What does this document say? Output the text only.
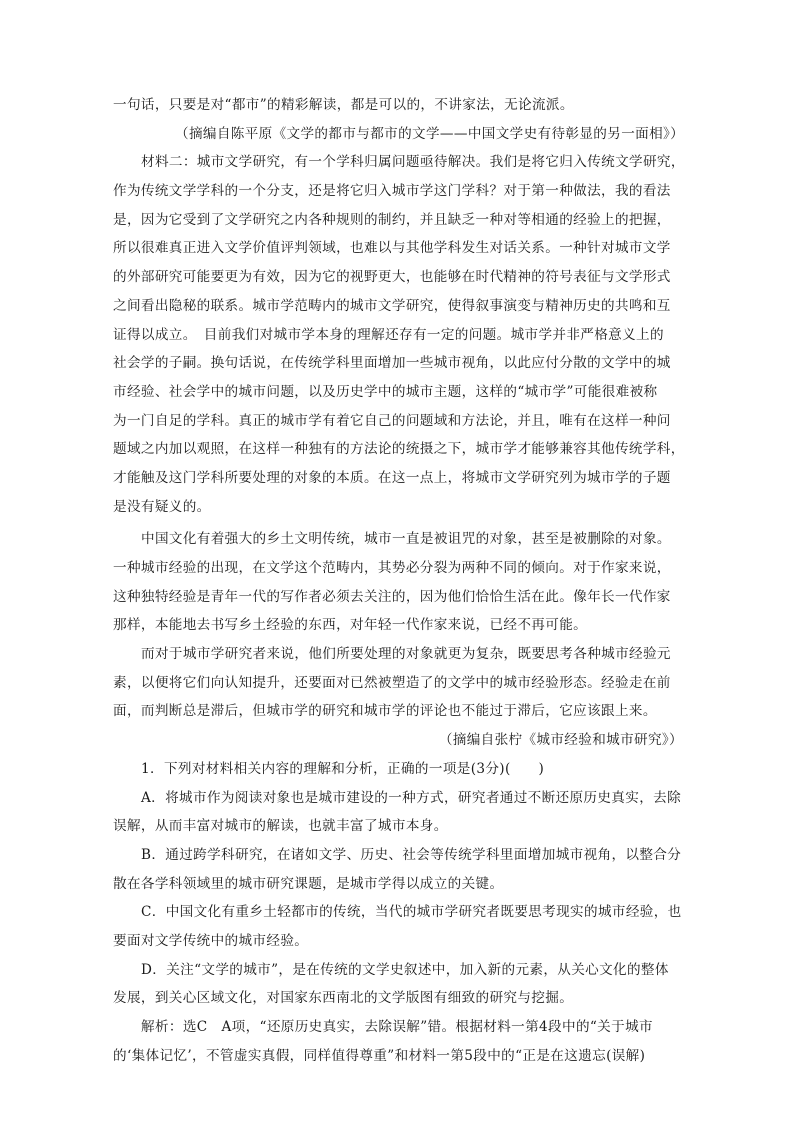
一句话，只要是对“都市”的精彩解读，都是可以的，不讲家法，无论流派。
（摘编自陈平原《文学的都市与都市的文学——中国文学史有待彰显的另一面相》）
材料二：城市文学研究，有一个学科归属问题亟待解决。我们是将它归入传统文学研究，
作为传统文学学科的一个分支，还是将它归入城市学这门学科？对于第一种做法，我的看法
是，因为它受到了文学研究之内各种规则的制约，并且缺乏一种对等相通的经验上的把握，
所以很难真正进入文学价值评判领域，也难以与其他学科发生对话关系。一种针对城市文学
的外部研究可能要更为有效，因为它的视野更大，也能够在时代精神的符号表征与文学形式
之间看出隐秘的联系。城市学范畴内的城市文学研究，使得叙事演变与精神历史的共鸣和互
证得以成立。　目前我们对城市学本身的理解还存有一定的问题。城市学并非严格意义上的
社会学的子嗣。换句话说，在传统学科里面增加一些城市视角，以此应付分散的文学中的城
市经验、社会学中的城市问题，以及历史学中的城市主题，这样的“城市学”可能很难被称
为一门自足的学科。真正的城市学有着它自己的问题域和方法论，并且，唯有在这样一种问
题域之内加以观照，在这样一种独有的方法论的统摄之下，城市学才能够兼容其他传统学科，
才能触及这门学科所要处理的对象的本质。在这一点上，将城市文学研究列为城市学的子题
是没有疑义的。
中国文化有着强大的乡土文明传统，城市一直是被诅咒的对象，甚至是被删除的对象。
一种城市经验的出现，在文学这个范畴内，其势必分裂为两种不同的倾向。对于作家来说，
这种独特经验是青年一代的写作者必须去关注的，因为他们恰恰生活在此。像年长一代作家
那样，本能地去书写乡土经验的东西，对年轻一代作家来说，已经不再可能。
而对于城市学研究者来说，他们所要处理的对象就更为复杂，既要思考各种城市经验元
素，以便将它们向认知提升，还要面对已然被塑造了的文学中的城市经验形态。经验走在前
面，而判断总是滞后，但城市学的研究和城市学的评论也不能过于滞后，它应该跟上来。
（摘编自张柠《城市经验和城市研究》）
1．下列对材料相关内容的理解和分析，正确的一项是(3分)(　　)
A．将城市作为阅读对象也是城市建设的一种方式，研究者通过不断还原历史真实，去除
误解，从而丰富对城市的解读，也就丰富了城市本身。
B．通过跨学科研究，在诸如文学、历史、社会等传统学科里面增加城市视角，以整合分
散在各学科领域里的城市研究课题，是城市学得以成立的关键。
C．中国文化有重乡土轻都市的传统，当代的城市学研究者既要思考现实的城市经验，也
要面对文学传统中的城市经验。
D．关注“文学的城市”，是在传统的文学史叙述中，加入新的元素，从关心文化的整体
发展，到关心区域文化，对国家东西南北的文学版图有细致的研究与挖掘。
解析：选C　A项，“还原历史真实，去除误解”错。根据材料一第4段中的“关于城市
的‘集体记忆’，不管虚实真假，同样值得尊重”和材料一第5段中的“正是在这遗忘(误解)
